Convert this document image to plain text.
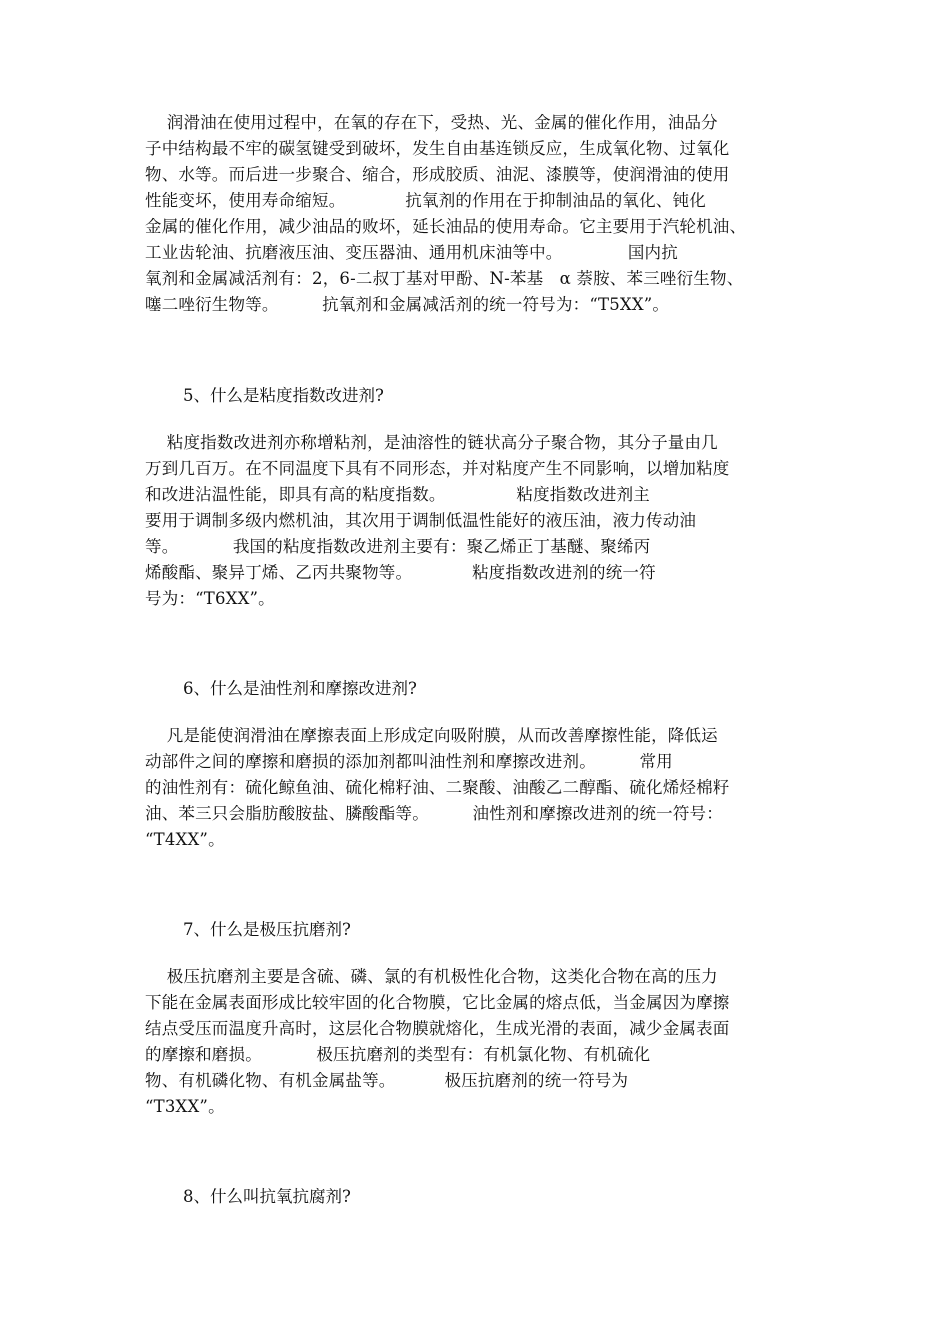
润滑油在使用过程中，在氧的存在下，受热、光、金属的催化作用，油品分
子中结构最不牢的碳氢键受到破坏，发生自由基连锁反应，生成氧化物、过氧化
物、水等。而后进一步聚合、缩合，形成胶质、油泥、漆膜等，使润滑油的使用
性能变坏，使用寿命缩短。           抗氧剂的作用在于抑制油品的氧化、钝化
金属的催化作用，减少油品的败坏，延长油品的使用寿命。它主要用于汽轮机油、
工业齿轮油、抗磨液压油、变压器油、通用机床油等中。            国内抗
氧剂和金属减活剂有：2，6-二叔丁基对甲酚、N-苯基   α 萘胺、苯三唑衍生物、
噻二唑衍生物等。        抗氧剂和金属减活剂的统一符号为：“T5XX”。
5、什么是粘度指数改进剂?
粘度指数改进剂亦称增粘剂，是油溶性的链状高分子聚合物，其分子量由几
万到几百万。在不同温度下具有不同形态，并对粘度产生不同影响，以增加粘度
和改进沾温性能，即具有高的粘度指数。             粘度指数改进剂主
要用于调制多级内燃机油，其次用于调制低温性能好的液压油，液力传动油
等。          我国的粘度指数改进剂主要有：聚乙烯正丁基醚、聚𫄨丙
烯酸酯、聚异丁烯、乙丙共聚物等。           粘度指数改进剂的统一符
号为：“T6XX”。
6、什么是油性剂和摩擦改进剂?
凡是能使润滑油在摩擦表面上形成定向吸附膜，从而改善摩擦性能，降低运
动部件之间的摩擦和磨损的添加剂都叫油性剂和摩擦改进剂。        常用
的油性剂有：硫化鲸鱼油、硫化棉籽油、二聚酸、油酸乙二醇酯、硫化烯烃棉籽
油、苯三只会脂肪酸胺盐、膦酸酯等。        油性剂和摩擦改进剂的统一符号：
“T4XX”。
7、什么是极压抗磨剂?
极压抗磨剂主要是含硫、磷、氯的有机极性化合物，这类化合物在高的压力
下能在金属表面形成比较牢固的化合物膜，它比金属的熔点低，当金属因为摩擦
结点受压而温度升高时，这层化合物膜就熔化，生成光滑的表面，减少金属表面
的摩擦和磨损。          极压抗磨剂的类型有：有机氯化物、有机硫化
物、有机磷化物、有机金属盐等。         极压抗磨剂的统一符号为
“T3XX”。
8、什么叫抗氧抗腐剂?
